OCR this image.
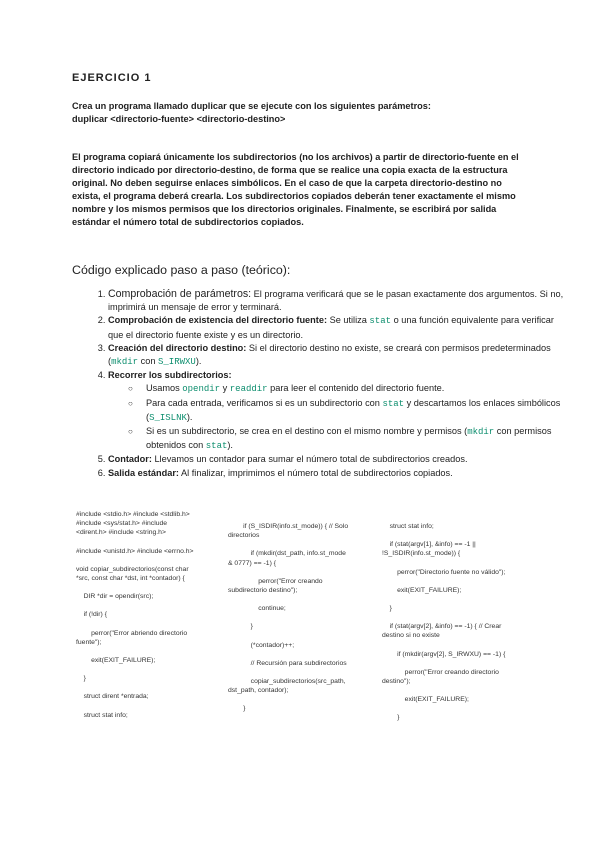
EJERCICIO 1
Crea un programa llamado duplicar que se ejecute con los siguientes parámetros:
duplicar <directorio-fuente> <directorio-destino>
El programa copiará únicamente los subdirectorios (no los archivos) a partir de directorio-fuente en el directorio indicado por directorio-destino, de forma que se realice una copia exacta de la estructura original. No deben seguirse enlaces simbólicos. En el caso de que la carpeta directorio-destino no exista, el programa deberá crearla. Los subdirectorios copiados deberán tener exactamente el mismo nombre y los mismos permisos que los directorios originales. Finalmente, se escribirá por salida estándar el número total de subdirectorios copiados.
Código explicado paso a paso (teórico):
1. Comprobación de parámetros: El programa verificará que se le pasan exactamente dos argumentos. Si no, imprimirá un mensaje de error y terminará.
2. Comprobación de existencia del directorio fuente: Se utiliza stat o una función equivalente para verificar que el directorio fuente existe y es un directorio.
3. Creación del directorio destino: Si el directorio destino no existe, se creará con permisos predeterminados (mkdir con S_IRWXU).
4. Recorrer los subdirectorios:
○ Usamos opendir y readdir para leer el contenido del directorio fuente.
○ Para cada entrada, verificamos si es un subdirectorio con stat y descartamos los enlaces simbólicos (S_ISLNK).
○ Si es un subdirectorio, se crea en el destino con el mismo nombre y permisos (mkdir con permisos obtenidos con stat).
5. Contador: Llevamos un contador para sumar el número total de subdirectorios creados.
6. Salida estándar: Al finalizar, imprimimos el número total de subdirectorios copiados.

#include <stdio.h> #include <stdlib.h>
#include <sys/stat.h> #include
<dirent.h> #include <string.h>

#include <unistd.h> #include <errno.h>

void copiar_subdirectorios(const char
*src, const char *dst, int *contador) {

DIR *dir = opendir(src);

if (!dir) {

perror("Error abriendo directorio
fuente");

exit(EXIT_FAILURE);

}

struct dirent *entrada;

struct stat info;

if (S_ISDIR(info.st_mode)) { // Solo
directorios

if (mkdir(dst_path, info.st_mode
& 0777) == -1) {

perror("Error creando
subdirectorio destino");

continue;

}

(*contador)++;

// Recursión para subdirectorios

copiar_subdirectorios(src_path,
dst_path, contador);

}

struct stat info;

if (stat(argv[1], &info) == -1 ||
!S_ISDIR(info.st_mode)) {

perror("Directorio fuente no válido");

exit(EXIT_FAILURE);

}

if (stat(argv[2], &info) == -1) { // Crear
destino si no existe

if (mkdir(argv[2], S_IRWXU) == -1) {

perror("Error creando directorio
destino");

exit(EXIT_FAILURE);

}
